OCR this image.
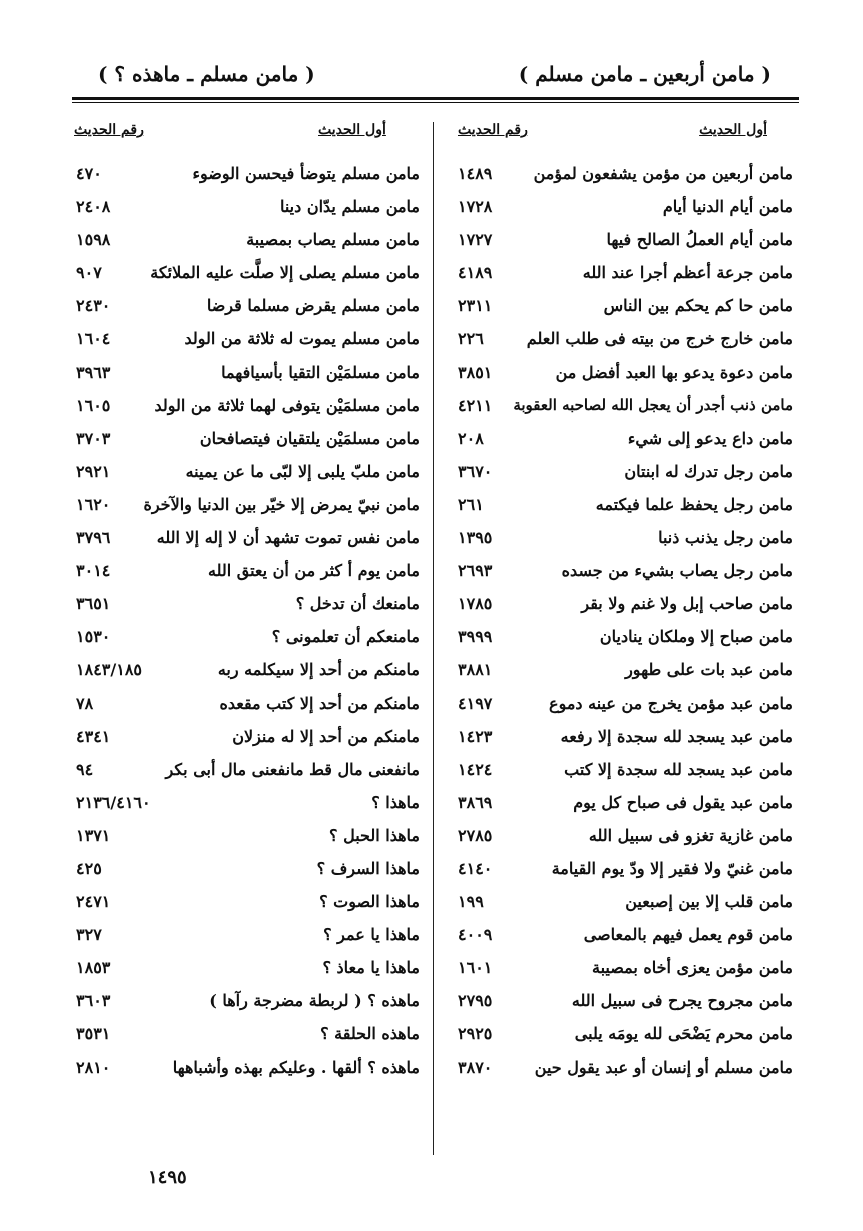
( مامن أربعين ـ مامن مسلم )
( مامن مسلم ـ ماهذه ؟ )
أول الحديث
رقم الحديث
أول الحديث
رقم الحديث
مامن أربعين من مؤمن يشفعون لمؤمن
١٤٨٩
مامن أيام الدنيا أيام
١٧٢٨
مامن أيام العملُ الصالح فيها
١٧٢٧
مامن جرعة أعظم أجرا عند الله
٤١٨٩
مامن حا كم يحكم بين الناس
٢٣١١
مامن خارج خرج من بيته فى طلب العلم
٢٢٦
مامن دعوة يدعو بها العبد أفضل من
٣٨٥١
مامن ذنب أجدر أن يعجل الله لصاحبه العقوبة
٤٢١١
مامن داع يدعو إلى شيء
٢٠٨
مامن رجل تدرك له ابنتان
٣٦٧٠
مامن رجل يحفظ علما فيكتمه
٢٦١
مامن رجل يذنب ذنبا
١٣٩٥
مامن رجل يصاب بشيء من جسده
٢٦٩٣
مامن صاحب إبل ولا غنم ولا بقر
١٧٨٥
مامن صباح إلا وملكان يناديان
٣٩٩٩
مامن عبد بات على طهور
٣٨٨١
مامن عبد مؤمن يخرج من عينه دموع
٤١٩٧
مامن عبد يسجد لله سجدة إلا رفعه
١٤٢٣
مامن عبد يسجد لله سجدة إلا كتب
١٤٢٤
مامن عبد يقول فى صباح كل يوم
٣٨٦٩
مامن غازية تغزو فى سبيل الله
٢٧٨٥
مامن غنيّ ولا فقير إلا ودّ يوم القيامة
٤١٤٠
مامن قلب إلا بين إصبعين
١٩٩
مامن قوم يعمل فيهم بالمعاصى
٤٠٠٩
مامن مؤمن يعزى أخاه بمصيبة
١٦٠١
مامن مجروح يجرح فى سبيل الله
٢٧٩٥
مامن محرم يَضْحَى لله يومَه يلبى
٢٩٢٥
مامن مسلم أو إنسان أو عبد يقول حين
٣٨٧٠
مامن مسلم يتوضأ فيحسن الوضوء
٤٧٠
مامن مسلم يدّان دينا
٢٤٠٨
مامن مسلم يصاب بمصيبة
١٥٩٨
مامن مسلم يصلى إلا صلَّت عليه الملائكة
٩٠٧
مامن مسلم يقرض مسلما قرضا
٢٤٣٠
مامن مسلم يموت له ثلاثة من الولد
١٦٠٤
مامن مسلمَيْن التقيا بأسيافهما
٣٩٦٣
مامن مسلمَيْن يتوفى لهما ثلاثة من الولد
١٦٠٥
مامن مسلمَيْن يلتقيان فيتصافحان
٣٧٠٣
مامن ملبّ يلبى إلا لبّى ما عن يمينه
٢٩٢١
مامن نبيّ يمرض إلا خيّر بين الدنيا والآخرة
١٦٢٠
مامن نفس تموت تشهد أن لا إله إلا الله
٣٧٩٦
مامن يوم أ كثر من أن يعتق الله
٣٠١٤
مامنعك أن تدخل ؟
٣٦٥١
مامنعكم أن تعلمونى ؟
١٥٣٠
مامنكم من أحد إلا سيكلمه ربه
١٨٤٣/١٨٥
مامنكم من أحد إلا كتب مقعده
٧٨
مامنكم من أحد إلا له منزلان
٤٣٤١
مانفعنى مال قط مانفعنى مال أبى بكر
٩٤
ماهذا ؟
٢١٣٦/٤١٦٠
ماهذا الحبل ؟
١٣٧١
ماهذا السرف ؟
٤٢٥
ماهذا الصوت ؟
٢٤٧١
ماهذا يا عمر ؟
٣٢٧
ماهذا يا معاذ ؟
١٨٥٣
ماهذه ؟ ( لربطة مضرجة رآها )
٣٦٠٣
ماهذه الحلقة ؟
٣٥٣١
ماهذه ؟ ألقها . وعليكم بهذه وأشباهها
٢٨١٠
١٤٩٥
